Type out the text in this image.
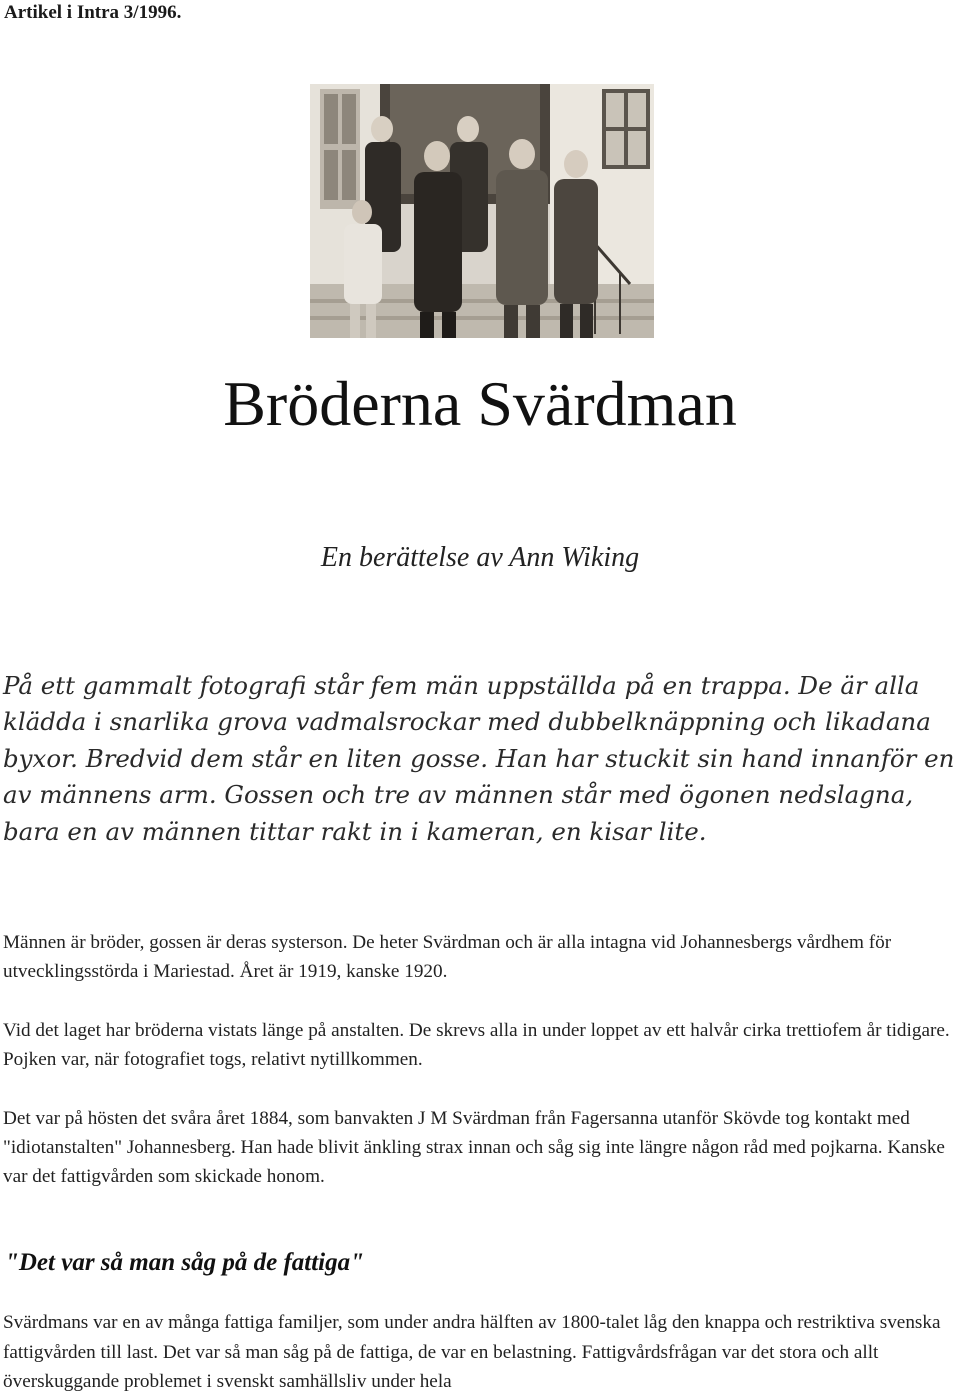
Artikel i Intra 3/1996.

Bröderna Svärdman

En berättelse av Ann Wiking

På ett gammalt fotografi står fem män uppställda på en trappa. De är alla klädda i snarlika grova vadmalsrockar med dubbelknäppning och likadana byxor. Bredvid dem står en liten gosse. Han har stuckit sin hand innanför en av männens arm. Gossen och tre av männen står med ögonen nedslagna, bara en av männen tittar rakt in i kameran, en kisar lite.

Männen är bröder, gossen är deras systerson. De heter Svärdman och är alla intagna vid Johannesbergs vårdhem för utvecklingsstörda i Mariestad. Året är 1919, kanske 1920.

Vid det laget har bröderna vistats länge på anstalten. De skrevs alla in under loppet av ett halvår cirka trettiofem år tidigare. Pojken var, när fotografiet togs, relativt nytillkommen.

Det var på hösten det svåra året 1884, som banvakten J M Svärdman från Fagersanna utanför Skövde tog kontakt med "idiotanstalten" Johannesberg. Han hade blivit änkling strax innan och såg sig inte längre någon råd med pojkarna. Kanske var det fattigvården som skickade honom.

"Det var så man såg på de fattiga"

Svärdmans var en av många fattiga familjer, som under andra hälften av 1800-talet låg den knappa och restriktiva svenska fattigvården till last. Det var så man såg på de fattiga, de var en belastning. Fattigvårdsfrågan var det stora och allt överskuggande problemet i svenskt samhällsliv under hela
